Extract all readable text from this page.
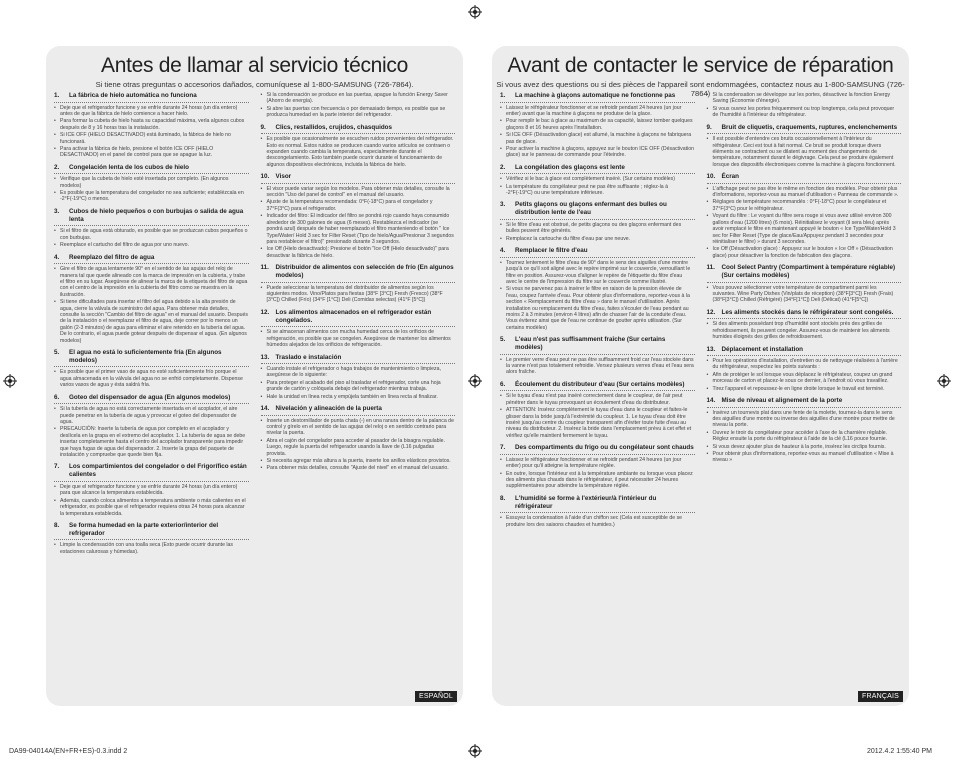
Antes de llamar al servicio técnico
Si tiene otras preguntas o accesorios dañados, comuníquese al 1-800-SAMSUNG (726-7864).
1.	La fábrica de hielo automática no funciona
• Deje que el refrigerador funcione y se enfríe durante 24 horas (un día entero) antes de que la fábrica de hielo comience a hacer hielo.
• Para formar la cubeta de hielo hasta su capacidad máxima, verla algunos cubos después de 8 y 16 horas tras la instalación.
• Si ICE OFF (HIELO DESACTIVADO) está iluminado, la fábrica de hielo no funcionará.
• Para activar la fábrica de hielo, presione el botón ICE OFF (HIELO DESACTIVADO) en el panel de control para que se apague la luz.
2.	Congelación lenta de los cubos de hielo
• Verifique que la cubeta de hielo esté insertada por completo. (En algunos modelos)
• Es posible que la temperatura del congelador no sea suficiente; establézcala en -2°F(-19°C) o menos.
3.	Cubos de hielo pequeños o con burbujas o salida de agua lenta
• Si el filtro de agua está obturado, es posible que se produzcan cubos pequeños o con burbujas.
• Reemplace el cartucho del filtro de agua por uno nuevo.
4.	Reemplazo del filtro de agua
• Gire el filtro de agua lentamente 90° en el sentido de las agujas del reloj de manera tal que quede alineado con la marca de impresión en la cubierta, y trabe el filtro en su lugar. Asegúrese de alinear la marca de la etiqueta del filtro de agua con el centro de la impresión en la cubierta del filtro como se muestra en la ilustración.
• Si tiene dificultades para insertar el filtro del agua debido a la alta presión de agua, cierre la válvula de suministro del agua. Para obtener más detalles, consulte la sección "Cambio del filtro de agua" en el manual del usuario. Después de la instalación o el reemplazar el filtro de agua, deje correr por lo menos un galón (2-3 minutos) de agua para eliminar el aire retenido en la tubería del agua. De lo contrario, el agua puede gotear después de dispensar el agua. (En algunos modelos)
5.	El agua no está lo suficientemente fría (En algunos modelos)
• Es posible que el primer vaso de agua no esté suficientemente frío porque el agua almacenada en la válvula del agua no se enfrió completamente. Dispense varios vasos de agua y ésta saldrá fría.
6.	Goteo del dispensador de agua (En algunos modelos)
• Si la tubería de agua no está correctamente insertada en el acoplador, el aire puede penetrar en la tubería de agua y provocar el goteo del dispensador de agua.
• PRECAUCIÓN: Inserte la tubería de agua por completo en el acoplador y deslícela en la grapa en el extremo del acoplador. 1. La tubería de agua se debe insertar completamente hasta el centro del acoplador transparente para impedir que haya fugas de agua del dispensador. 2. Inserte la grapa del paquete de instalación y compruebe que quede bien fija.
7.	Los compartimientos del congelador o del Frigorífico están calientes
• Deje que el refrigerador funcione y se enfríe durante 24 horas (un día entero) para que alcance la temperatura establecida.
• Además, cuando coloca alimentos a temperatura ambiente o más calientes en el refrigerador, es posible que el refrigerador requiera otras 24 horas para alcanzar la temperatura establecida.
8.	Se forma humedad en la parte exterior/interior del refrigerador
• Limpie la condensación con una toalla seca (Esto puede ocurrir durante las estaciones calurosas y húmedas).
• Si la condensación se produce en las puertas, apague la función Energy Saver (Ahorro de energía).
• Si abre las puertas con frecuencia o por demasiado tiempo, es posible que se produzca humedad en la parte interior del refrigerador.
9.	Clics, restallidos, crujidos, chasquidos
• Es posible que ocasionalmente se escuchen ruidos provenientes del refrigerador. Esto es normal. Estos ruidos se producen cuando varios artículos se contraen o expanden cuando cambia la temperatura, especialmente durante el descongelamiento. Esto también puede ocurrir durante el funcionamiento de algunos dispositivos electrónicos, incluida la fábrica de hielo.
10. Visor
• El visor puede variar según los modelos. Para obtener más detalles, consulte la sección "Uso del panel de control" en el manual del usuario.
• Ajuste de la temperatura recomendada: 0°F(-18°C) para el congelador y 37°F(3°C) para el refrigerador.
• Indicador del filtro: El indicador del filtro se pondrá rojo cuando haya consumido alrededor de 300 galones de agua (6 meses). Restablezca el indicador (se pondrá azul) después de haber reemplazado el filtro manteniendo el botón " Ice Type/Water/ Hold 3 sec for Filter Reset (Tipo de hielo/Agua/Presionar 3 segundos para restablecer el filtro)" presionado durante 3 segundos.
• Ice Off (Hielo desactivado): Presione el botón "Ice Off (Hielo desactivado)" para desactivar la fábrica de hielo.
11.	Distribuidor de alimentos con selección de frío (En algunos modelos)
• Puede seleccionar la temperatura del distribuidor de alimentos según los siguientes modos. Vino/Platos para fiestas (38°F [3°C]) Fresh (Fresco) (38°F [3°C]) Chilled (Frío) (34°F [1°C]) Deli (Comidas selectas) (41°F [5°C])
12. Los alimentos almacenados en el refrigerador están congelados.
• Si se almacenan alimentos con mucha humedad cerca de los orificios de refrigeración, es posible que se congelen. Asegúrese de mantener los alimentos húmedos alejados de los orificios de refrigeración.
13. Traslado e instalación
• Cuando instale el refrigerador o haga trabajos de mantenimiento o limpieza, asegúrese de lo siguiente:
• Para proteger el acabado del piso al trasladar el refrigerador, corte una hoja grande de cartón y colóquela debajo del refrigerador mientras trabaja.
• Hale la unidad en línea recta y empújela también en línea recta al finalizar.
14. Nivelación y alineación de la puerta
• Inserte un destornillador de punta chata (-) en una ranura dentro de la palanca de control y gírelo en el sentido de las agujas del reloj o en sentido contrario para nivelar la puerta.
• Abra el cajón del congelador para acceder al pasador de la bisagra regulable. Luego, regule la puerta del refrigerador usando la llave de (L16 pulgadas provista.
• Si necesita agregar más altura a la puerta, inserte los anillos elásticos provistos.
• Para obtener más detalles, consulte "Ajuste del nivel" en el manual del usuario.
ESPAÑOL
Avant de contacter le service de réparation
Si vous avez des questions ou si des pièces de l'appareil sont endommagées, contactez nous au 1-800-SAMSUNG (726-7864)
1.	La machine à glaçons automatique ne fonctionne pas
• Laissez le réfrigérateur fonctionner et se refroidir pendant 24 heures (un jour entier) avant que la machine à glaçons ne produise de la glace.
• Pour remplir le bac à glace au maximum de sa capacité, laissez tomber quelques glaçons 8 et 16 heures après l'installation.
• Si ICE OFF (Désactivation glace) est allumé, la machine à glaçons ne fabriquera pas de glace.
• Pour activer la machine à glaçons, appuyez sur le bouton ICE OFF (Désactivation glace) sur le panneau de commande pour l'éteindre.
2.	La congélation des glaçons est lente
• Vérifiez si le bac à glace est complètement inséré. (Sur certains modèles)
• La température du congélateur peut ne pas être suffisante ; réglez-la à -2°F(-19°C) ou une température inférieure.
3.	Petits glaçons ou glaçons enfermant des bulles ou distribution lente de l'eau
• Si le filtre d'eau est obstrué, de petits glaçons ou des glaçons enfermant des bulles peuvent être générés.
• Remplacez la cartouche du filtre d'eau par une neuve.
4.	Remplacer le filtre d'eau
• Tournez lentement le filtre d'eau de 90° dans le sens des aiguilles d'une montre jusqu'à ce qu'il soit aligné avec le repère imprimé sur le couvercle, verrouillant le filtre en position. Assurez-vous d'aligner le repère de l'étiquette du filtre d'eau avec le centre de l'impression du filtre sur le couvercle comme illustré.
• Si vous ne parvenez pas à insérer le filtre en raison de la pression élevée de l'eau, coupez l'arrivée d'eau. Pour obtenir plus d'informations, reportez-vous à la section « Remplacement du filtre d'eau » dans le manuel d'utilisation. Après installation ou remplacement du filtre d'eau, faites s'écouler de l'eau pendant au moins 2 à 3 minutes (environ 4 litres) afin de chasser l'air de la conduite d'eau. Vous éviterez ainsi que de l'eau ne continue de goutter après utilisation. (Sur certains modèles)
5.	L'eau n'est pas suffisamment fraîche (Sur certains modèles)
• Le premier verre d'eau peut ne pas être suffisamment froid car l'eau stockée dans la vanne n'est pas totalement refroidie. Versez plusieurs verres d'eau et l'eau sera alors fraîche.
6.	Écoulement du distributeur d'eau (Sur certains modèles)
• Si le tuyau d'eau n'est pas inséré correctement dans le coupleur, de l'air peut pénétrer dans le tuyau provoquant un écoulement d'eau du distributeur.
• ATTENTION: Insérez complètement le tuyau d'eau dans le coupleur et faites-le glisser dans la bride jusqu'à l'extrémité du coupleur. 1. Le tuyau d'eau doit être inséré jusqu'au centre du coupleur transparent afin d'éviter toute fuite d'eau au niveau du distributeur. 2. Insérez la bride dans l'emplacement prévu à cet effet et vérifiez qu'elle maintient fermement le tuyau.
7.	Des compartiments du frigo ou du congélateur sont chauds
• Laissez le réfrigérateur fonctionner et se refroidir pendant 24 heures (un jour entier) pour qu'il atteigne la température réglée.
• En outre, lorsque l'intérieur est à la température ambiante ou lorsque vous placez des aliments plus chauds dans le réfrigérateur, il peut nécessiter 24 heures supplémentaires pour atteindre la température réglée.
8.	L'humidité se forme à l'extérieur/à l'intérieur du réfrigérateur
• Essuyez la condensation à l'aide d'un chiffon sec (Cela est susceptible de se produire lors des saisons chaudes et humides.)
• Si la condensation se développe sur les portes, désactivez la fonction Energy Saving (Économie d'énergie).
• Si vous ouvrez les portes fréquemment ou trop longtemps, cela peut provoquer de l'humidité à l'intérieur du réfrigérateur.
9.	Bruit de cliquetis, craquements, ruptures, enclenchements
• Il est possible d'entendre ces bruits occasionnellement à l'intérieur du réfrigérateur. Ceci est tout à fait normal. Ce bruit se produit lorsque divers éléments se contractent ou se dilatent au moment des changements de température, notamment durant le dégivrage. Cela peut se produire également lorsque des dispositifs électroniques comme la machine à glaçons fonctionnent.
10. Écran
• L'affichage peut ne pas être le même en fonction des modèles. Pour obtenir plus d'informations, reportez-vous au manuel d'utilisation « Panneau de commande ».
• Réglages de température recommandés : 0°F(-18°C) pour le congélateur et 37°F(3°C) pour le réfrigérateur.
• Voyant du filtre : Le voyant du filtre sera rouge si vous avez utilisé environ 300 gallons d'eau (1200 litres) (6 mois). Réinitialisez le voyant (il sera bleu) après avoir remplacé le filtre en maintenant appuyé le bouton « Ice Type/Water/Hold 3 sec for Filter Reset (Type de glace/Eau/Appuyez pendant 3 secondes pour réinitialiser le filtre) » durant 3 secondes.
• Ice Off (Désactivation glace) : Appuyez sur le bouton « Ice Off » (Désactivation glace) pour désactiver la fonction de fabrication des glaçons.
11.	Cool Select Pantry (Compartiment à température réglable) (Sur certains modèles)
• Vous pouvez sélectionner votre température de compartiment parmi les suivantes. Wine Party Dishes (Vin/plats de réception) (38°F[3°C]) Fresh (Frais) (38°F[3°C]) Chilled (Réfrigéré) (34°F[1°C]) Deli (Délicat) (41°F[5°C])
12. Les aliments stockés dans le réfrigérateur sont congelés.
• Si des aliments possédant trop d'humidité sont stockés près des grilles de refroidissement, ils peuvent congeler. Assurez-vous de maintenir les aliments humides éloignés des grilles de refroidissement.
13. Déplacement et installation
• Pour les opérations d'installation, d'entretien ou de nettoyage réalisées à l'arrière du réfrigérateur, respectez les points suivants :
• Afin de protéger le sol lorsque vous déplacez le réfrigérateur, coupez un grand morceau de carton et placez-le sous ce dernier, à l'endroit où vous travaillez.
• Tirez l'appareil et repoussez-le en ligne droite lorsque le travail est terminé.
14. Mise de niveau et alignement de la porte
• Insérez un tournevis plat dans une fente de la molette, tournez-la dans le sens des aiguilles d'une montre ou inverse des aiguilles d'une montre pour mettre de niveau la porte.
• Ouvrez le tiroir du congélateur pour accéder à l'axe de la charnière réglable. Réglez ensuite la porte du réfrigérateur à l'aide de la clé (L16 pouce fournie.
• Si vous devez ajouter plus de hauteur à la porte, insérez les circlips fournis.
• Pour obtenir plus d'informations, reportez-vous au manuel d'utilisation « Mise à niveau »
FRANÇAIS
DA99-04014A(EN+FR+ES)-0.3.indd 2	2012.4.2 1:55:40 PM
